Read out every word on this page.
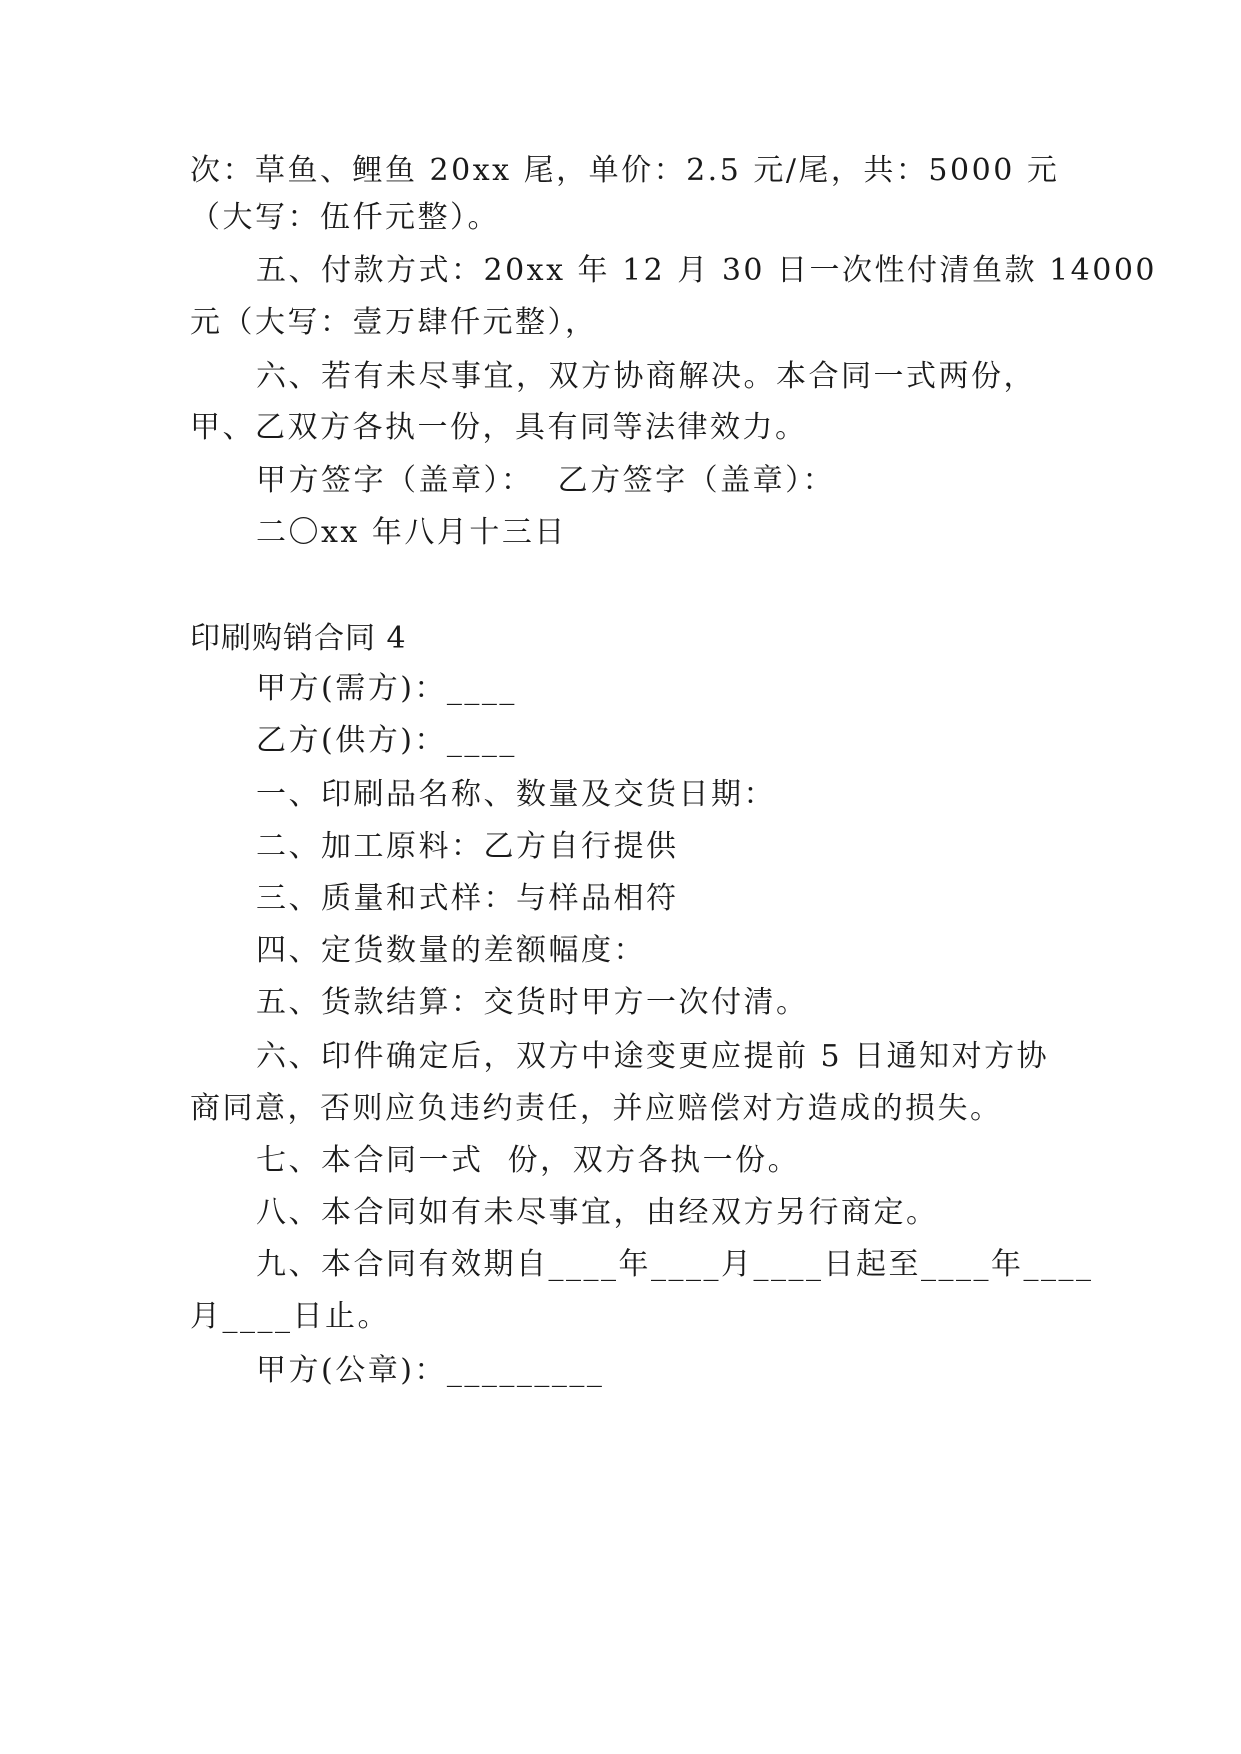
次：草鱼、鲤鱼 20xx 尾，单价：2.5 元/尾，共：5000 元
（大写：伍仟元整）。
五、付款方式：20xx 年 12 月 30 日一次性付清鱼款 14000
元（大写：壹万肆仟元整），
六、若有未尽事宜，双方协商解决。本合同一式两份，
甲、乙双方各执一份，具有同等法律效力。
甲方签字（盖章）：  乙方签字（盖章）：
二〇xx 年八月十三日
印刷购销合同 4
甲方(需方)：____
乙方(供方)：____
一、印刷品名称、数量及交货日期：
二、加工原料：乙方自行提供
三、质量和式样：与样品相符
四、定货数量的差额幅度：
五、货款结算：交货时甲方一次付清。
六、印件确定后，双方中途变更应提前 5 日通知对方协
商同意，否则应负违约责任，并应赔偿对方造成的损失。
七、本合同一式  份，双方各执一份。
八、本合同如有未尽事宜，由经双方另行商定。
九、本合同有效期自____年____月____日起至____年____
月____日止。
甲方(公章)：_________
